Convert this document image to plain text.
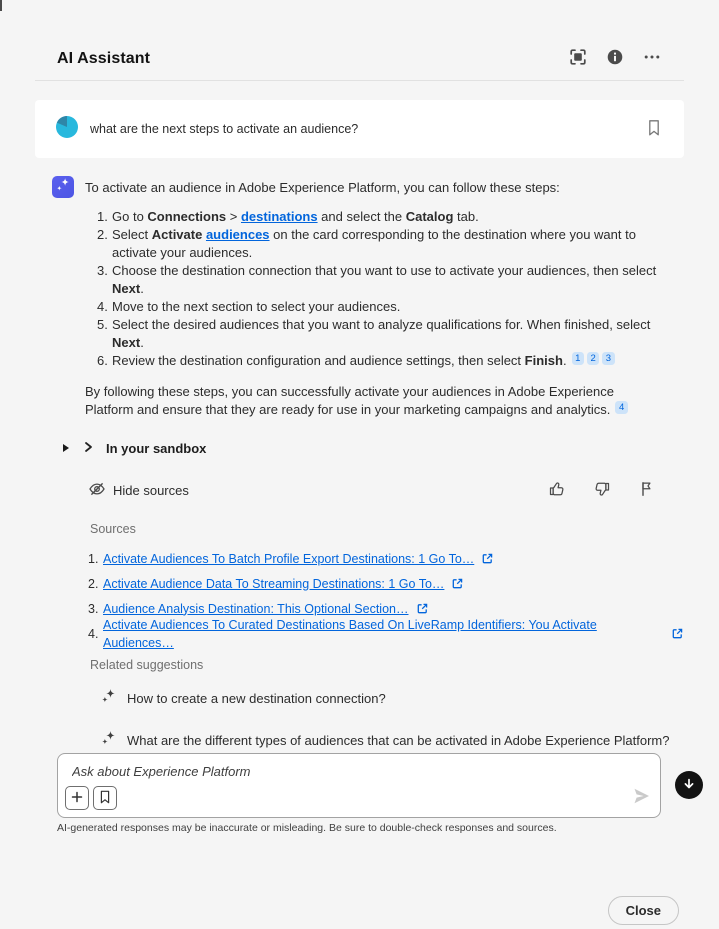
AI Assistant

what are the next steps to activate an audience?

To activate an audience in Adobe Experience Platform, you can follow these steps:

1. Go to Connections > destinations and select the Catalog tab.
2. Select Activate audiences on the card corresponding to the destination where you want to activate your audiences.
3. Choose the destination connection that you want to use to activate your audiences, then select Next.
4. Move to the next section to select your audiences.
5. Select the desired audiences that you want to analyze qualifications for. When finished, select Next.
6. Review the destination configuration and audience settings, then select Finish. 1 2 3

By following these steps, you can successfully activate your audiences in Adobe Experience Platform and ensure that they are ready for use in your marketing campaigns and analytics. 4

In your sandbox
Hide sources
Sources
1. Activate Audiences To Batch Profile Export Destinations: 1 Go To…
2. Activate Audience Data To Streaming Destinations: 1 Go To…
3. Audience Analysis Destination: This Optional Section…
4.
Activate Audiences To Curated Destinations Based On LiveRamp Identifiers: You Activate Audiences…
Related suggestions
How to create a new destination connection?
What are the different types of audiences that can be activated in Adobe Experience Platform?
Ask about Experience Platform

AI-generated responses may be inaccurate or misleading. Be sure to double-check responses and sources.

Close
